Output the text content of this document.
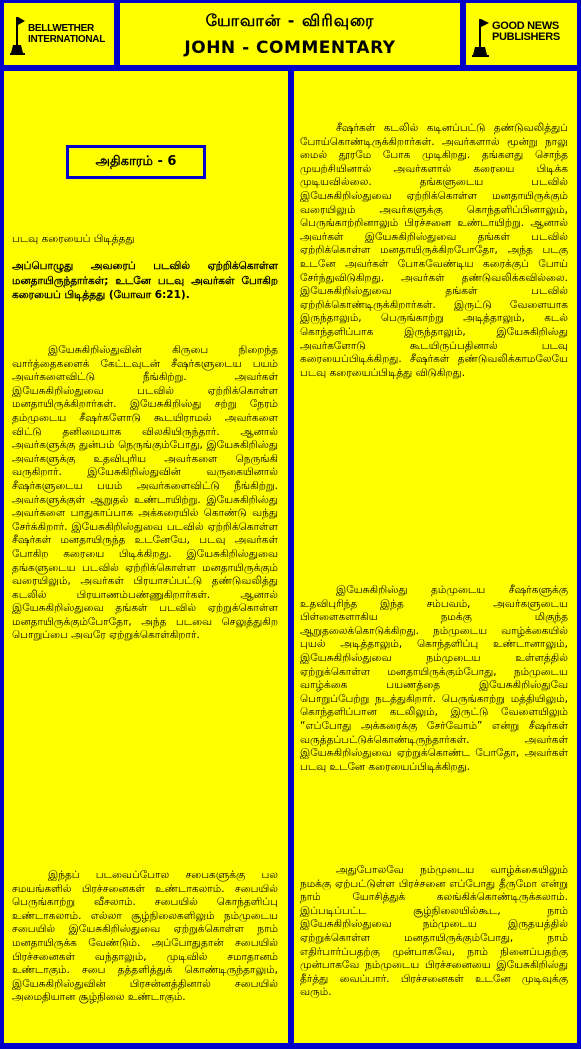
BELLWETHER
INTERNATIONAL
யோவான் - விரிவுரை
JOHN - COMMENTARY
GOOD NEWS
PUBLISHERS
அதிகாரம் - 6
படவு கரையைப் பிடித்தது
அப்பொழுது அவரைப் படவில் ஏற்றிக்கொள்ள மனதாயிருந்தார்கள்; உடனே படவு அவர்கள் போகிற கரையைப் பிடித்தது (யோவா 6:21).

இயேசுகிறிஸ்துவின் கிருபை நிறைந்த வார்த்தைகளைக் கேட்டவுடன் சீஷர்களுடைய பயம் அவர்களைவிட்டு நீங்கிற்று. அவர்கள் இயேசுகிறிஸ்துவை படவில் ஏற்றிக்கொள்ள மனதாயிருக்கிறார்கள். இயேசுகிறிஸ்து சற்று நேரம் தம்முடைய சீஷர்களோடு கூடயிராமல் அவர்களை விட்டு தனிமையாக விலகியிருந்தார். ஆனால் அவர்களுக்கு துன்பம் நெருங்கும்போது, இயேசுகிறிஸ்து அவர்களுக்கு உதவிபுரிய அவர்களை நெருங்கி வருகிறார். இயேசுகிறிஸ்துவின் வருகையினால் சீஷர்களுடைய பயம் அவர்களைவிட்டு நீங்கிற்று. அவர்களுக்குள் ஆறுதல் உண்டாயிற்று. இயேசுகிறிஸ்து அவர்களை பாதுகாப்பாக அக்கரையில் கொண்டு வந்து சேர்க்கிறார். இயேசுகிறிஸ்துவை படவில் ஏற்றிக்கொள்ள சீஷர்கள் மனதாயிருந்த உடனேயே, படவு அவர்கள் போகிற கரையை பிடிக்கிறது. இயேசுகிறிஸ்துவை தங்களுடைய படவில் ஏற்றிக்கொள்ள மனதாயிருக்கும் வரையிலும், அவர்கள் பிரயாசப்பட்டு தண்டுவலித்து கடலில் பிரயாணம்பண்ணுகிறார்கள். ஆனால் இயேசுகிறிஸ்துவை தங்கள் படவில் ஏற்றுக்கொள்ள மனதாயிருக்கும்போதோ, அந்த படவை செலுத்துகிற பொறுப்பை அவரே ஏற்றுக்கொள்கிறார்.

இந்தப் படவைப்போல சபைகளுக்கு பல சமயங்களில் பிரச்சனைகள் உண்டாகலாம். சபையில் பெருங்காற்று வீசலாம். சபையில் கொந்தளிப்பு உண்டாகலாம். எல்லா சூழ்நிலைகளிலும் நம்முடைய சபையில் இயேசுகிறிஸ்துவை ஏற்றுக்கொள்ள நாம் மனதாயிருக்க வேண்டும். அப்போதுதான் சபையில் பிரச்சனைகள் வந்தாலும், முடிவில் சமாதானம் உண்டாகும். சபை தத்தளித்துக் கொண்டிருந்தாலும், இயேசுகிறிஸ்துவின் பிரசன்னத்தினால் சபையில் அமைதியான சூழ்நிலை உண்டாகும்.

சீஷர்கள் கடலில் கடினப்பட்டு தண்டுவலித்துப் போய்கொண்டிருக்கிறார்கள். அவர்களால் மூன்று நாலு மைல் தூரமே போக முடிகிறது. தங்களது சொந்த முயற்சியினால் அவர்களால் கரையை பிடிக்க முடியவில்லை. தங்களுடைய படவில் இயேசுகிறிஸ்துவை ஏற்றிக்கொள்ள மனதாயிருக்கும் வரையிலும் அவர்களுக்கு கொந்தளிப்பினாலும், பெருங்காற்றினாலும் பிரச்சனை உண்டாயிற்று. ஆனால் அவர்கள் இயேசுகிறிஸ்துவை தங்கள் படவில் ஏற்றிக்கொள்ள மனதாயிருக்கிறபோதோ, அந்த படகு உடனே அவர்கள் போகவேண்டிய கரைக்குப் போய் சேர்ந்துவிடுகிறது. அவர்கள் தண்டுவலிக்கவில்லை. இயேசுகிறிஸ்துவை தங்கள் படவில் ஏற்றிக்கொண்டிருக்கிறார்கள். இருட்டு வேளையாக இருந்தாலும், பெருங்காற்று அடித்தாலும், கடல் கொந்தளிப்பாக இருந்தாலும், இயேசுகிறிஸ்து அவர்களோடு கூடயிருப்பதினால் படவு கரையைப்பிடிக்கிறது. சீஷர்கள் தண்டுவலிக்காமலேயே படவு கரையைப்பிடித்து விடுகிறது.

இயேசுகிறிஸ்து தம்முடைய சீஷர்களுக்கு உதவிபுரிந்த இந்த சம்பவம், அவர்களுடைய பிள்ளைகளாகிய நமக்கு மிகுந்த ஆறுதலைக்கொடுக்கிறது. நம்முடைய வாழ்க்கையில் புயல் அடித்தாலும், கொந்தளிப்பு உண்டானாலும், இயேசுகிறிஸ்துவை நம்முடைய உள்ளத்தில் ஏற்றுக்கொள்ள மனதாயிருக்கும்போது, நம்முடைய வாழ்க்கை பயணத்தை இயேசுகிறிஸ்துவே பொறுப்பேற்று நடத்துகிறார். பெருங்காற்று மத்தியிலும், கொந்தளிப்பான கடலிலும், இருட்டு வேளையிலும் “எப்போது அக்கரைக்கு சேர்வோம்” என்று சீஷர்கள் வருத்தப்பட்டுக்கொண்டிருந்தார்கள். அவர்கள் இயேசுகிறிஸ்துவை ஏற்றுக்கொண்ட போதோ, அவர்கள் படவு உடனே கரையைப்பிடிக்கிறது.

அதுபோலவே நம்முடைய வாழ்க்கையிலும் நமக்கு ஏற்பட்டுள்ள பிரச்சனை எப்போது தீருமோ என்று நாம் யோசித்துக் கலங்கிக்கொண்டிருக்கலாம். இப்படிப்பட்ட சூழ்நிலையில்கூட, நாம் இயேசுகிறிஸ்துவை நம்முடைய இருதயத்தில் ஏற்றுக்கொள்ள மனதாயிருக்கும்போது, நாம் எதிர்பார்ப்பதற்கு முன்பாகவே, நாம் நினைப்பதற்கு முன்பாகவே நம்முடைய பிரச்சனையை இயேசுகிறிஸ்து தீர்த்து வைப்பார். பிரச்சனைகள் உடனே முடிவுக்கு வரும்.
